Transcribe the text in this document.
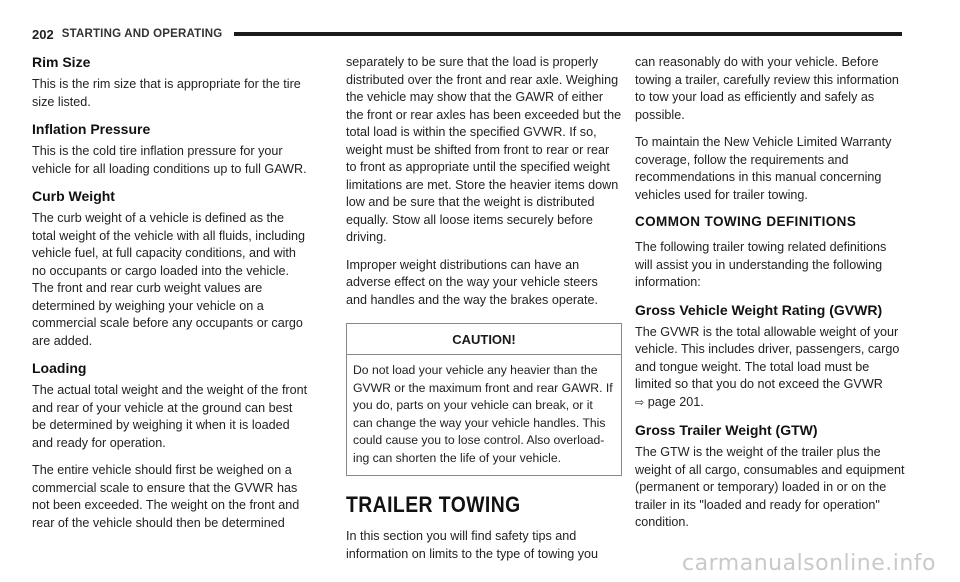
202 STARTING AND OPERATING
Rim Size

This is the rim size that is appropriate for the tire size listed.

Inflation Pressure

This is the cold tire inflation pressure for your vehicle for all loading conditions up to full GAWR.

Curb Weight

The curb weight of a vehicle is defined as the total weight of the vehicle with all fluids, including vehicle fuel, at full capacity conditions, and with no occupants or cargo loaded into the vehicle. The front and rear curb weight values are determined by weighing your vehicle on a commercial scale before any occupants or cargo are added.

Loading

The actual total weight and the weight of the front and rear of your vehicle at the ground can best be determined by weighing it when it is loaded and ready for operation.

The entire vehicle should first be weighed on a commercial scale to ensure that the GVWR has not been exceeded. The weight on the front and rear of the vehicle should then be determined

separately to be sure that the load is properly distributed over the front and rear axle. Weighing the vehicle may show that the GAWR of either the front or rear axles has been exceeded but the total load is within the specified GVWR. If so, weight must be shifted from front to rear or rear to front as appropriate until the specified weight limitations are met. Store the heavier items down low and be sure that the weight is distributed equally. Stow all loose items securely before driving.

Improper weight distributions can have an adverse effect on the way your vehicle steers and handles and the way the brakes operate.

CAUTION!
Do not load your vehicle any heavier than the GVWR or the maximum front and rear GAWR. If you do, parts on your vehicle can break, or it can change the way your vehicle handles. This could cause you to lose control. Also overload- ing can shorten the life of your vehicle.
TRAILER TOWING

In this section you will find safety tips and information on limits to the type of towing you

can reasonably do with your vehicle. Before towing a trailer, carefully review this information to tow your load as efficiently and safely as possible.

To maintain the New Vehicle Limited Warranty coverage, follow the requirements and recommendations in this manual concerning vehicles used for trailer towing.

COMMON TOWING DEFINITIONS

The following trailer towing related definitions will assist you in understanding the following information:

Gross Vehicle Weight Rating (GVWR)

The GVWR is the total allowable weight of your vehicle. This includes driver, passengers, cargo and tongue weight. The total load must be limited so that you do not exceed the GVWR
⇨ page 201.

Gross Trailer Weight (GTW)

The GTW is the weight of the trailer plus the weight of all cargo, consumables and equipment (permanent or temporary) loaded in or on the trailer in its "loaded and ready for operation" condition.

carmanualsonline.info
